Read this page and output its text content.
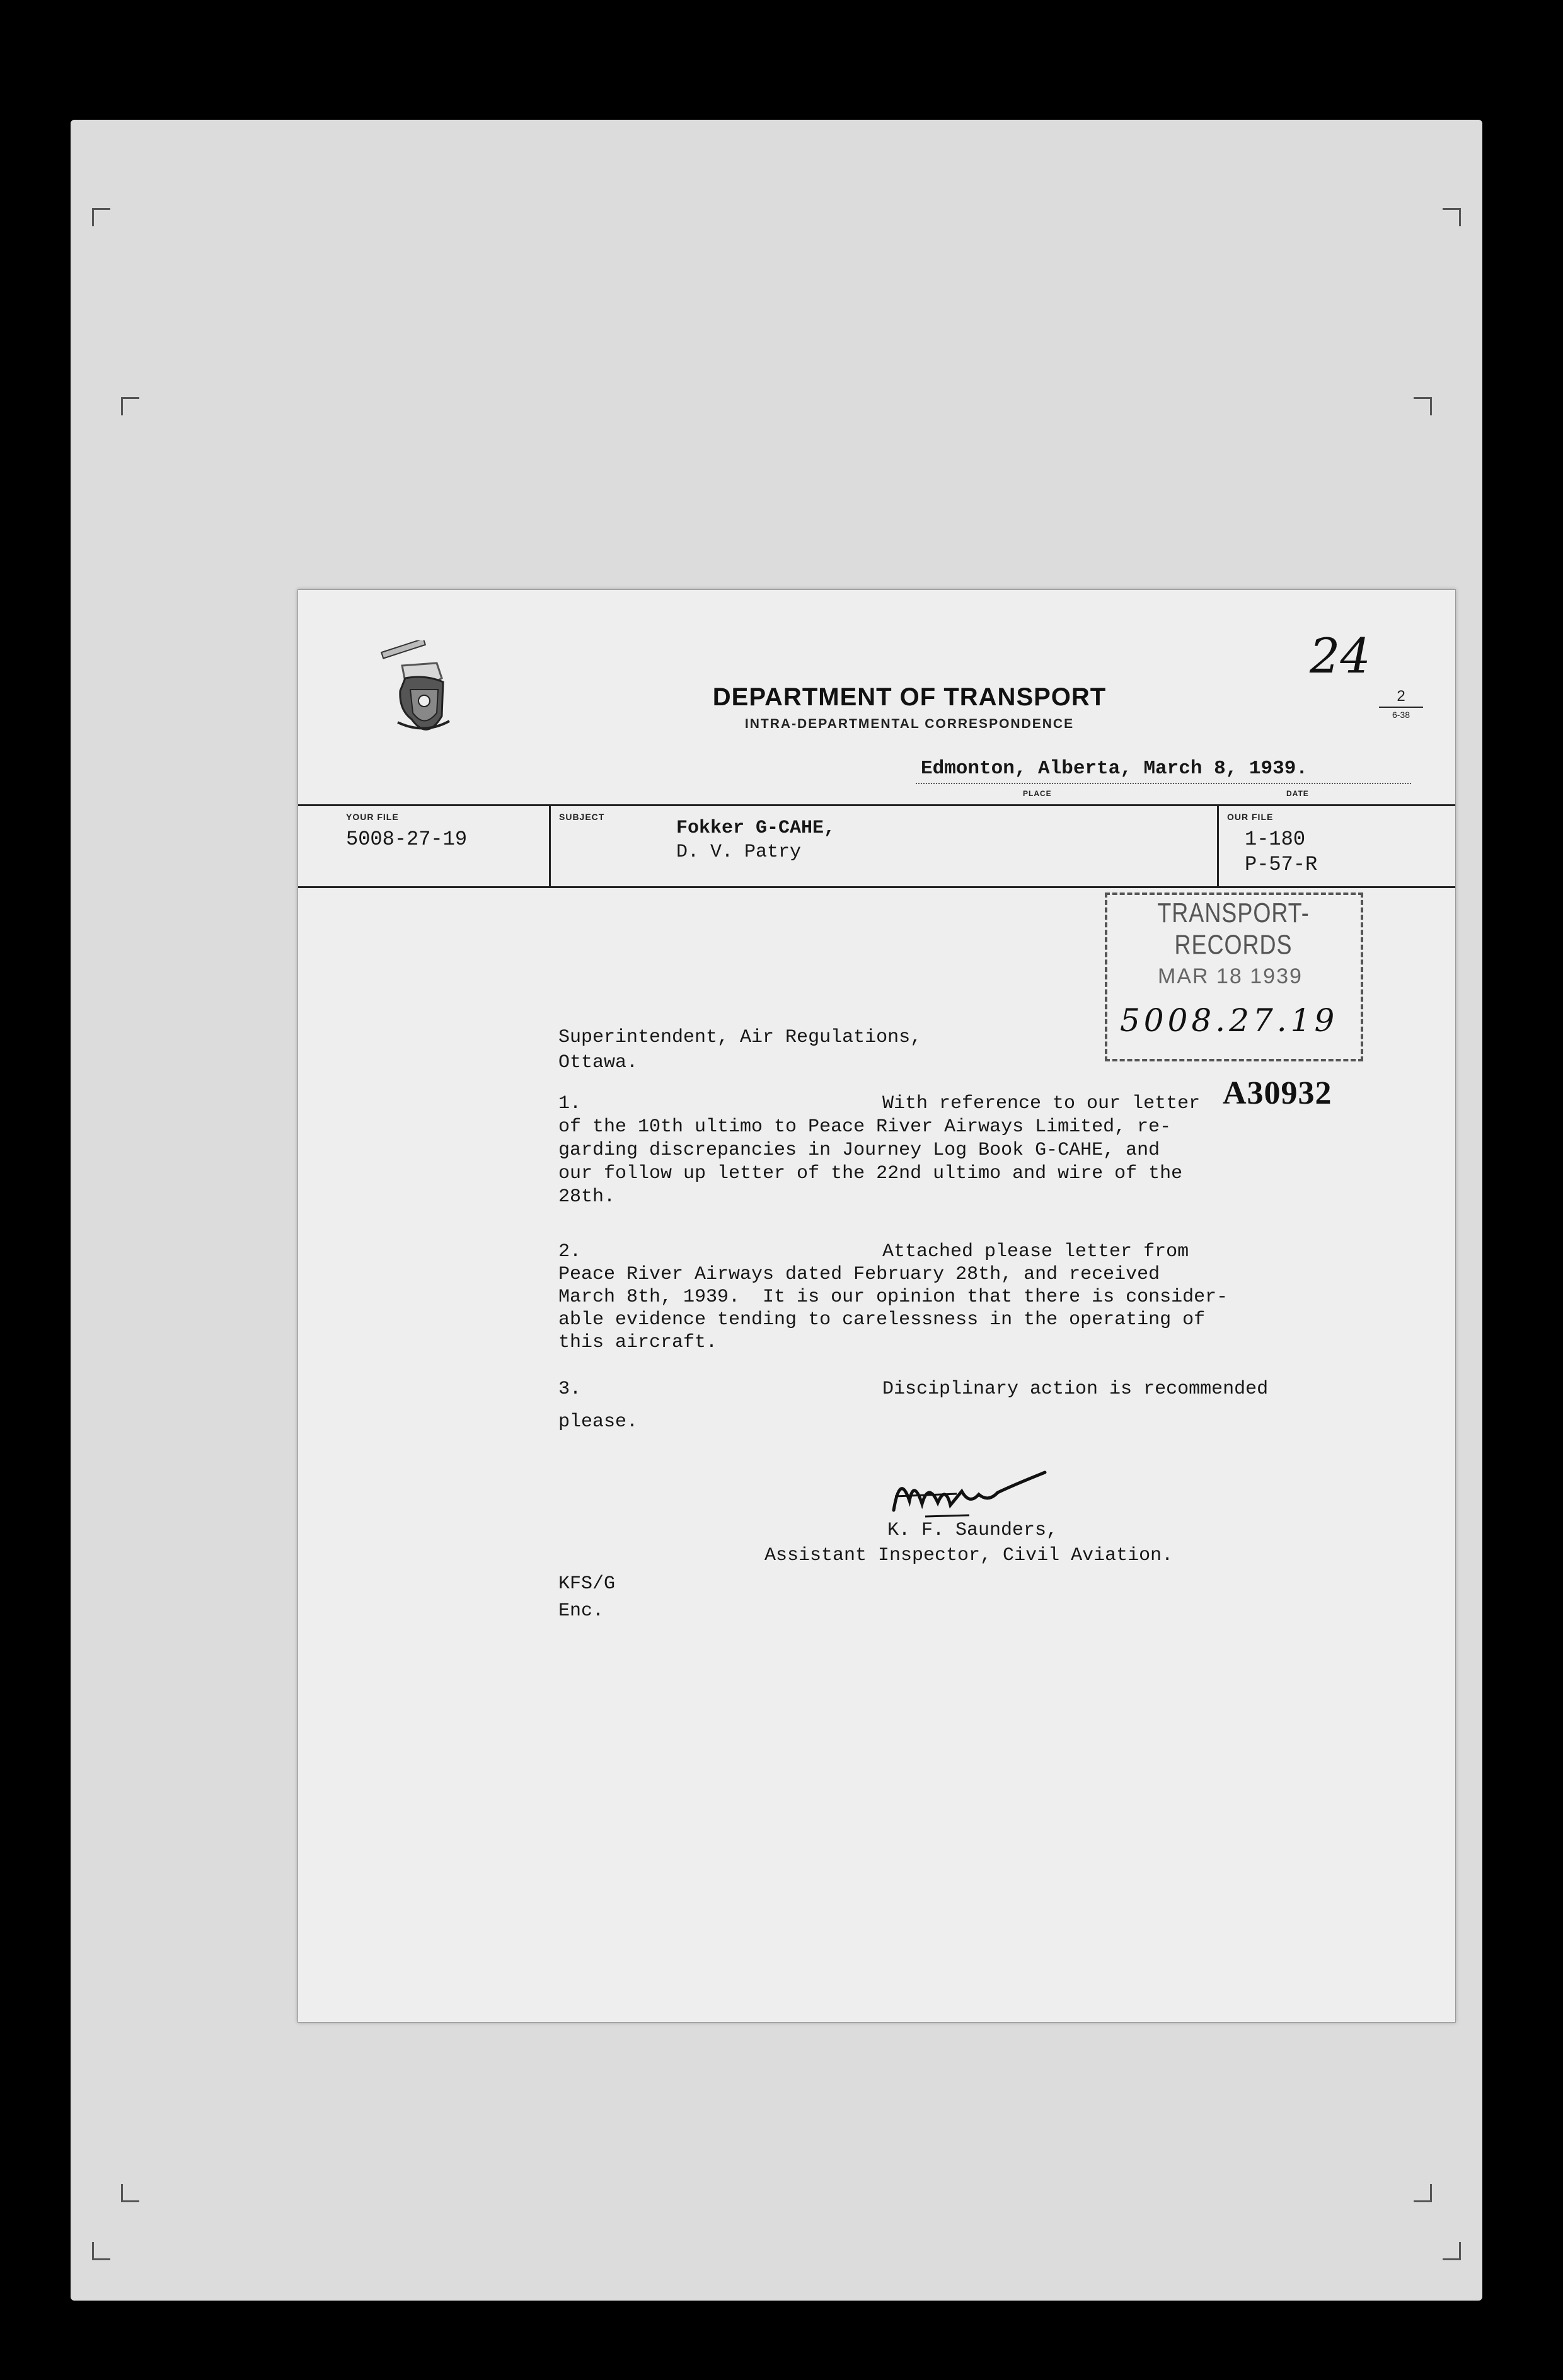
DEPARTMENT OF TRANSPORT
INTRA-DEPARTMENTAL CORRESPONDENCE
24
2
6-38
Edmonton, Alberta, March 8, 1939.
PLACE	DATE
YOUR FILE
5008-27-19
SUBJECT
Fokker G-CAHE,
D. V. Patry
OUR FILE
1-180
P-57-R
TRANSPORT-RECORDS
MAR 18 1939
5008.27.19
A30932
Superintendent, Air Regulations,
Ottawa.
1.	With reference to our letter
of the 10th ultimo to Peace River Airways Limited, re-
garding discrepancies in Journey Log Book G-CAHE, and
our follow up letter of the 22nd ultimo and wire of the
28th.
2.	Attached please letter from
Peace River Airways dated February 28th, and received
March 8th, 1939.  It is our opinion that there is consider-
able evidence tending to carelessness in the operating of
this aircraft.
3.	Disciplinary action is recommended
please.
K. F. Saunders,
Assistant Inspector, Civil Aviation.
KFS/G
Enc.
